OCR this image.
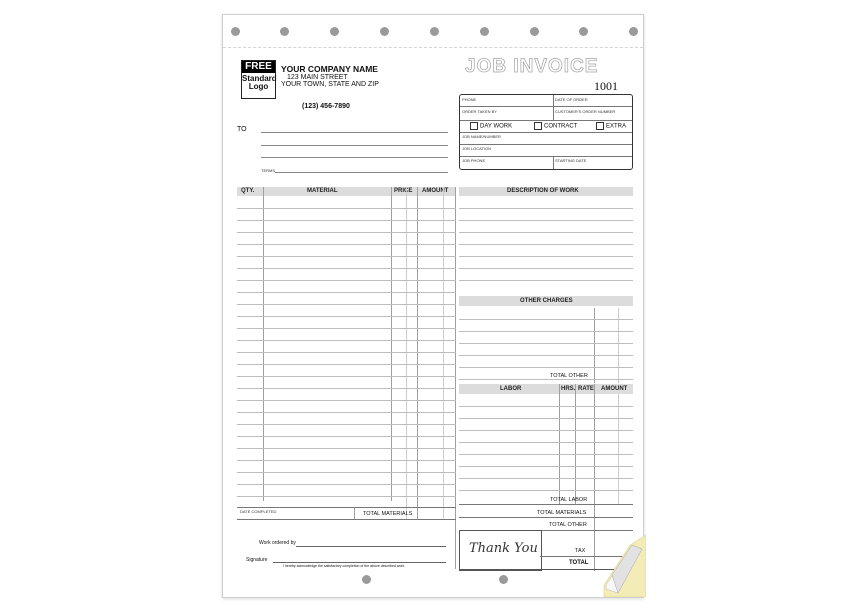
FREE
Standard
Logo
YOUR COMPANY NAME
123 MAIN STREET
YOUR TOWN, STATE AND ZIP
(123) 456-7890
JOB INVOICE
1001
TO
TERMS
PHONE	DATE OF ORDER
ORDER TAKEN BY	CUSTOMER'S ORDER NUMBER
DAY WORK	CONTRACT	EXTRA
JOB NAME/NUMBER
JOB LOCATION
JOB PHONE	STARTING DATE
QTY.	MATERIAL	PRICE AMOUNT
DATE COMPLETED	TOTAL MATERIALS
DESCRIPTION OF WORK
OTHER CHARGES
TOTAL OTHER
LABOR	HRS. RATE AMOUNT
TOTAL LABOR
TOTAL MATERIALS
TOTAL OTHER
Thank You	TAX
TOTAL
Work ordered by
Signature
I hereby acknowledge the satisfactory completion of the above described work.
